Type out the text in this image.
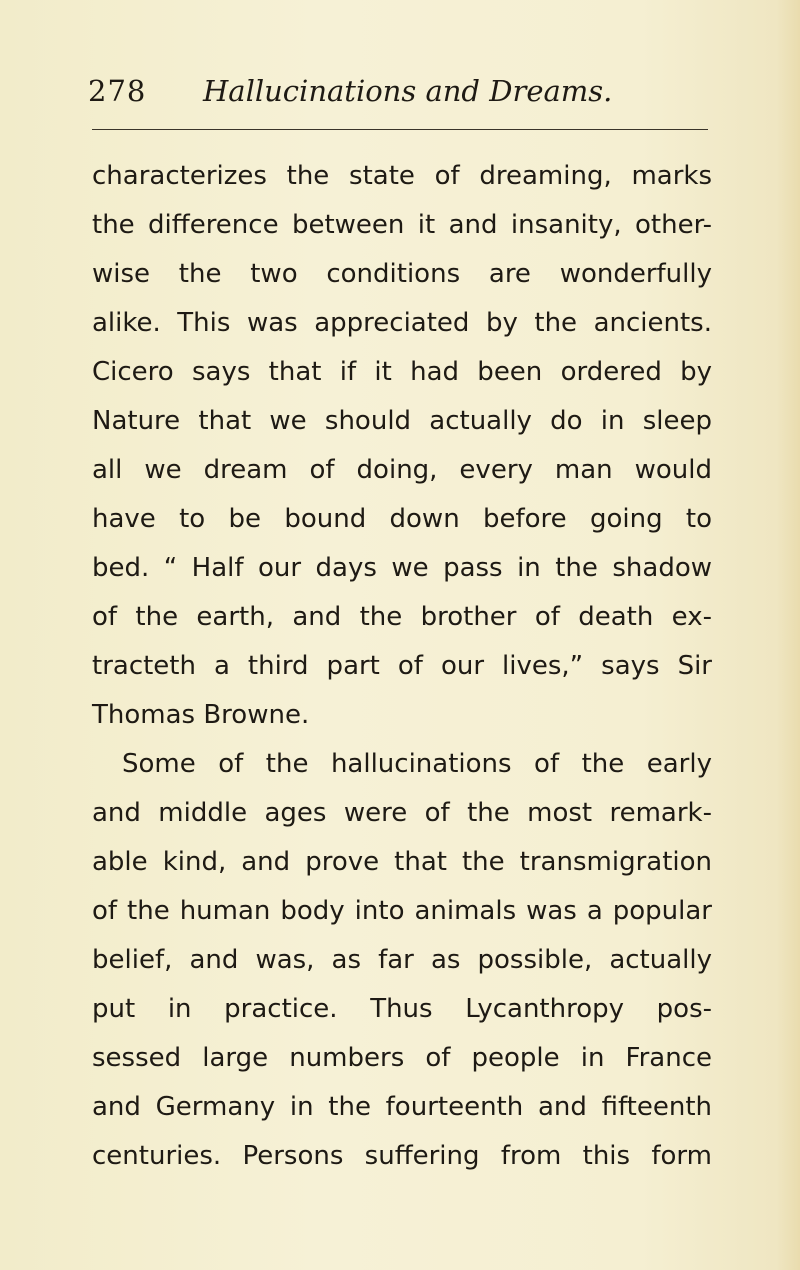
278 Hallucinations and Dreams.
characterizes the state of dreaming, marks
the difference between it and insanity, other-
wise the two conditions are wonderfully
alike. This was appreciated by the ancients.
Cicero says that if it had been ordered by
Nature that we should actually do in sleep
all we dream of doing, every man would
have to be bound down before going to
bed. “ Half our days we pass in the shadow
of the earth, and the brother of death ex-
tracteth a third part of our lives,” says Sir
Thomas Browne.
Some of the hallucinations of the early
and middle ages were of the most remark-
able kind, and prove that the transmigration
of the human body into animals was a popular
belief, and was, as far as possible, actually
put in practice. Thus Lycanthropy pos-
sessed large numbers of people in France
and Germany in the fourteenth and fifteenth
centuries. Persons suffering from this form
